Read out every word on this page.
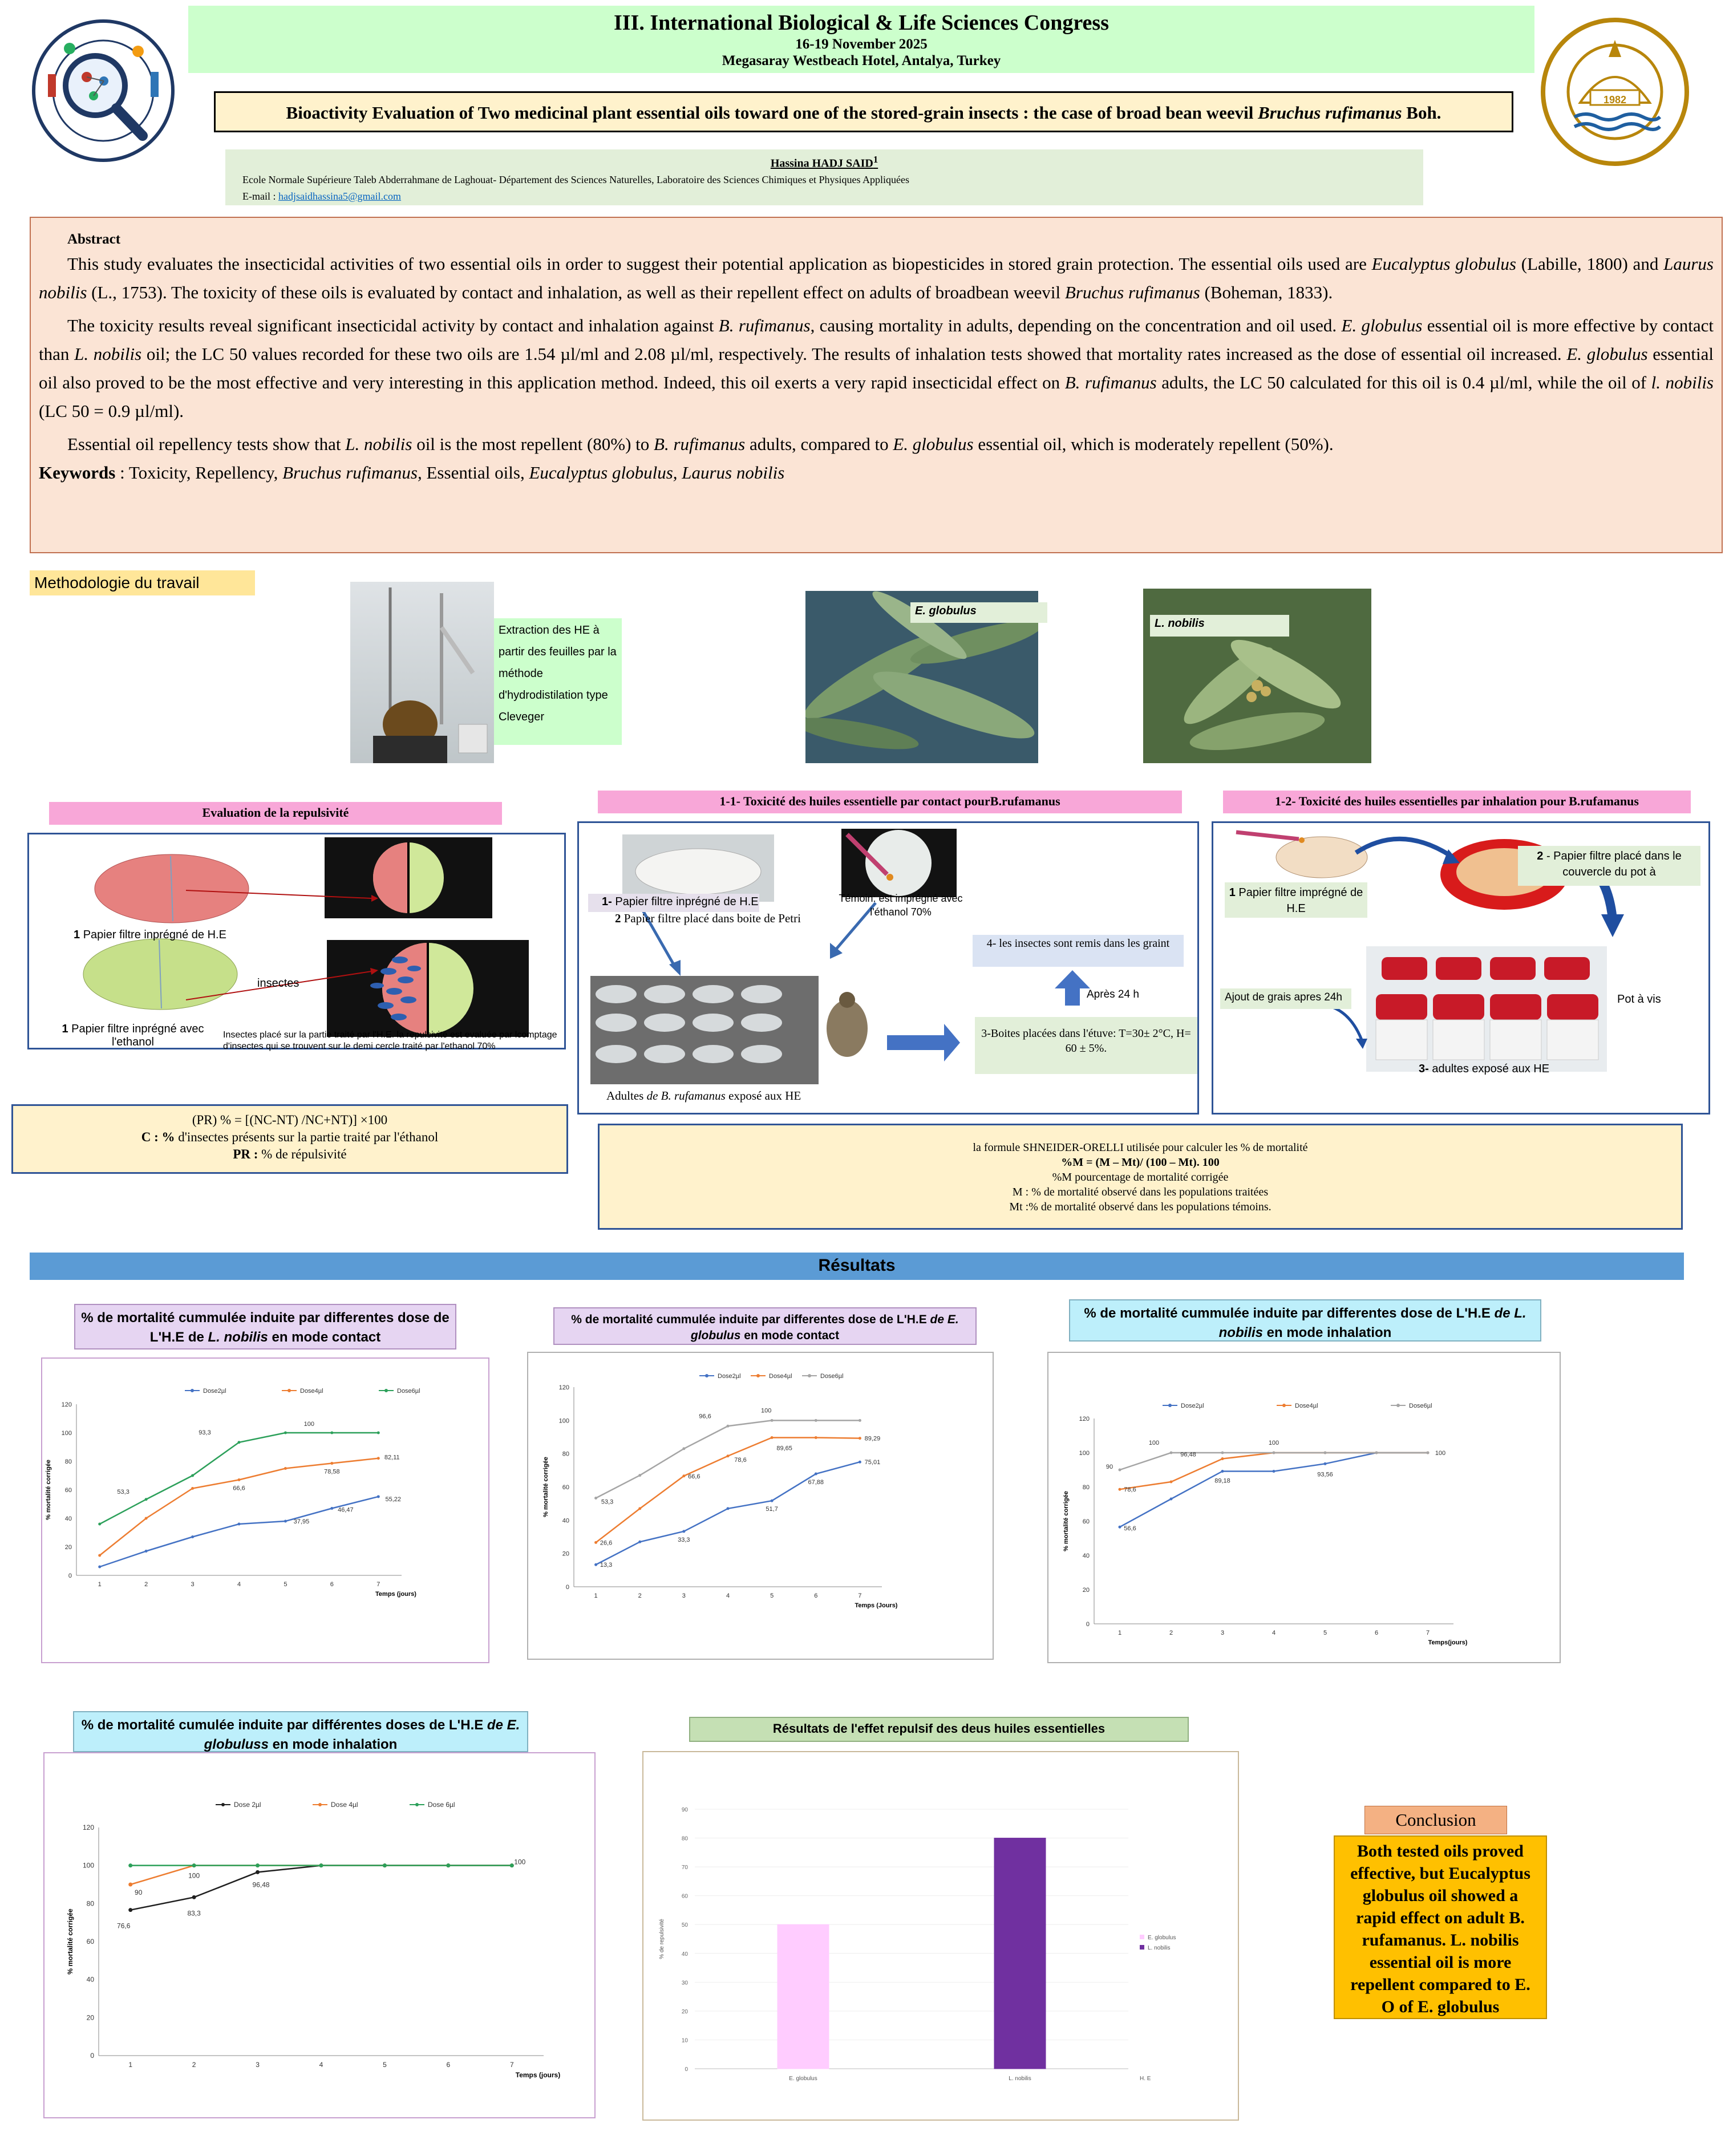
III. International Biological & Life Sciences Congress
16-19 November 2025
Megasaray Westbeach Hotel, Antalya, Turkey
1982
Bioactivity Evaluation of Two medicinal plant essential oils toward one of the stored-grain insects : the case of broad bean weevil Bruchus rufimanus Boh.
Hassina HADJ SAID$^1$
Ecole Normale Supérieure Taleb Abderrahmane de Laghouat- Département des Sciences Naturelles, Laboratoire des Sciences Chimiques et Physiques Appliquées
E-mail : hadjsaidhassina5@gmail.com
Abstract

This study evaluates the insecticidal activities of two essential oils in order to suggest their potential application as biopesticides in stored grain protection. The essential oils used are Eucalyptus globulus (Labille, 1800) and Laurus nobilis (L., 1753). The toxicity of these oils is evaluated by contact and inhalation, as well as their repellent effect on adults of broadbean weevil Bruchus rufimanus (Boheman, 1833).

The toxicity results reveal significant insecticidal activity by contact and inhalation against B. rufimanus, causing mortality in adults, depending on the concentration and oil used. E. globulus essential oil is more effective by contact than L. nobilis oil; the LC 50 values recorded for these two oils are 1.54 µl/ml and 2.08 µl/ml, respectively. The results of inhalation tests showed that mortality rates increased as the dose of essential oil increased. E. globulus essential oil also proved to be the most effective and very interesting in this application method. Indeed, this oil exerts a very rapid insecticidal effect on B. rufimanus adults, the LC 50 calculated for this oil is 0.4 µl/ml, while the oil of l. nobilis (LC 50 = 0.9 µl/ml).

Essential oil repellency tests show that L. nobilis oil is the most repellent (80%) to B. rufimanus adults, compared to E. globulus essential oil, which is moderately repellent (50%).

Keywords : Toxicity, Repellency, Bruchus rufimanus, Essential oils, Eucalyptus globulus, Laurus nobilis
Methodologie du travail
Extraction des HE à partir des feuilles par la méthode d'hydrodistilation type Cleveger
E. globulus
L. nobilis
Evaluation de la repulsivité
1 Papier filtre inprégné de H.E
insectes
1 Papier filtre inprégné avec l'ethanol
Insectes placé sur la partie traité par l'H.E. la repulsivité est evaluée par lcomptage d'insectes qui se trouvent sur le demi cercle traité par l'ethanol 70%
(PR) % = [(NC-NT) /NC+NT)] ×100
C : % d'insectes présents sur la partie traité par l'éthanol
PR : % de répulsivité
1-1- Toxicité des huiles essentielle par contact pourB.rufamanus
1- Papier filtre inprégné de H.E
2 Papier filtre placé dans boite de Petri
Témoin: est imprégné avec l'éthanol 70%
4- les insectes sont remis dans les graint
Après 24 h
3-Boites placées dans l'étuve: T=30± 2°C, H= 60 ± 5%.
Adultes de B. rufamanus exposé aux HE
1-2- Toxicité des huiles essentielles par inhalation pour B.rufamanus
1 Papier filtre imprégné de H.E
2 - Papier filtre placé dans le couvercle du pot à
Ajout de grais apres 24h	Pot à vis
3- adultes exposé aux HE
la formule SHNEIDER-ORELLI utilisée pour calculer les % de mortalité
%M = (M – Mt)/ (100 – Mt). 100
%M pourcentage de mortalité corrigée
M : % de mortalité observé dans les populations traitées
Mt :% de mortalité observé dans les populations témoins.
Résultats
% de mortalité cummulée induite par differentes dose de L'H.E de L. nobilis en mode contact
% de mortalité cummulée induite par differentes dose de L'H.E de E. globulus en mode contact
% de mortalité cummulée induite par differentes dose de L'H.E de L. nobilis en mode inhalation
0
20
40
60
80
100
120
1	2	3	4	5	6	7
Temps (jours)
% mortalité corrigée
Dose2µl	Dose4µl	Dose6µl
53,3
93,3
100
66,6
78,58
82,11
37,95
46,47
55,22
0
20
40
60
80
100
120
1	2	3	4	5	6	7
Temps (Jours)
% mortalité corrigée
Dose2µl	Dose4µl	Dose6µl
53,3
96,6
100
66,6
78,6
89,65
89,29
26,6
13,3
33,3
51,7
67,88
75,01
0
20
40
60
80
100
120
1	2	3	4	5	6	7
Temps(jours)
% mortalité corrigée
Dose2µl	Dose4µl	Dose6µl
90
100
96,48
100
100
78,6
89,18
93,56
56,6
% de mortalité cumulée induite par différentes doses de L'H.E de E. globuluss en mode inhalation
0
20
40
60
80
100
120
1	2	3	4	5	6	7
Temps (jours)
% mortalité corrigée
Dose 2µl	Dose 4µl	Dose 6µl
90
100
100
76,6
83,3
96,48
Résultats de l'effet repulsif des deus huiles essentielles
0
10
20
30
40
50
60
70
80
90
E. globulus	L. nobilis	H. E
% de repulsivité	E. globulus
L. nobilis
Conclusion
Both tested oils proved effective, but Eucalyptus globulus oil showed a rapid effect on adult B. rufamanus. L. nobilis essential oil is more repellent compared to E. O of E. globulus
